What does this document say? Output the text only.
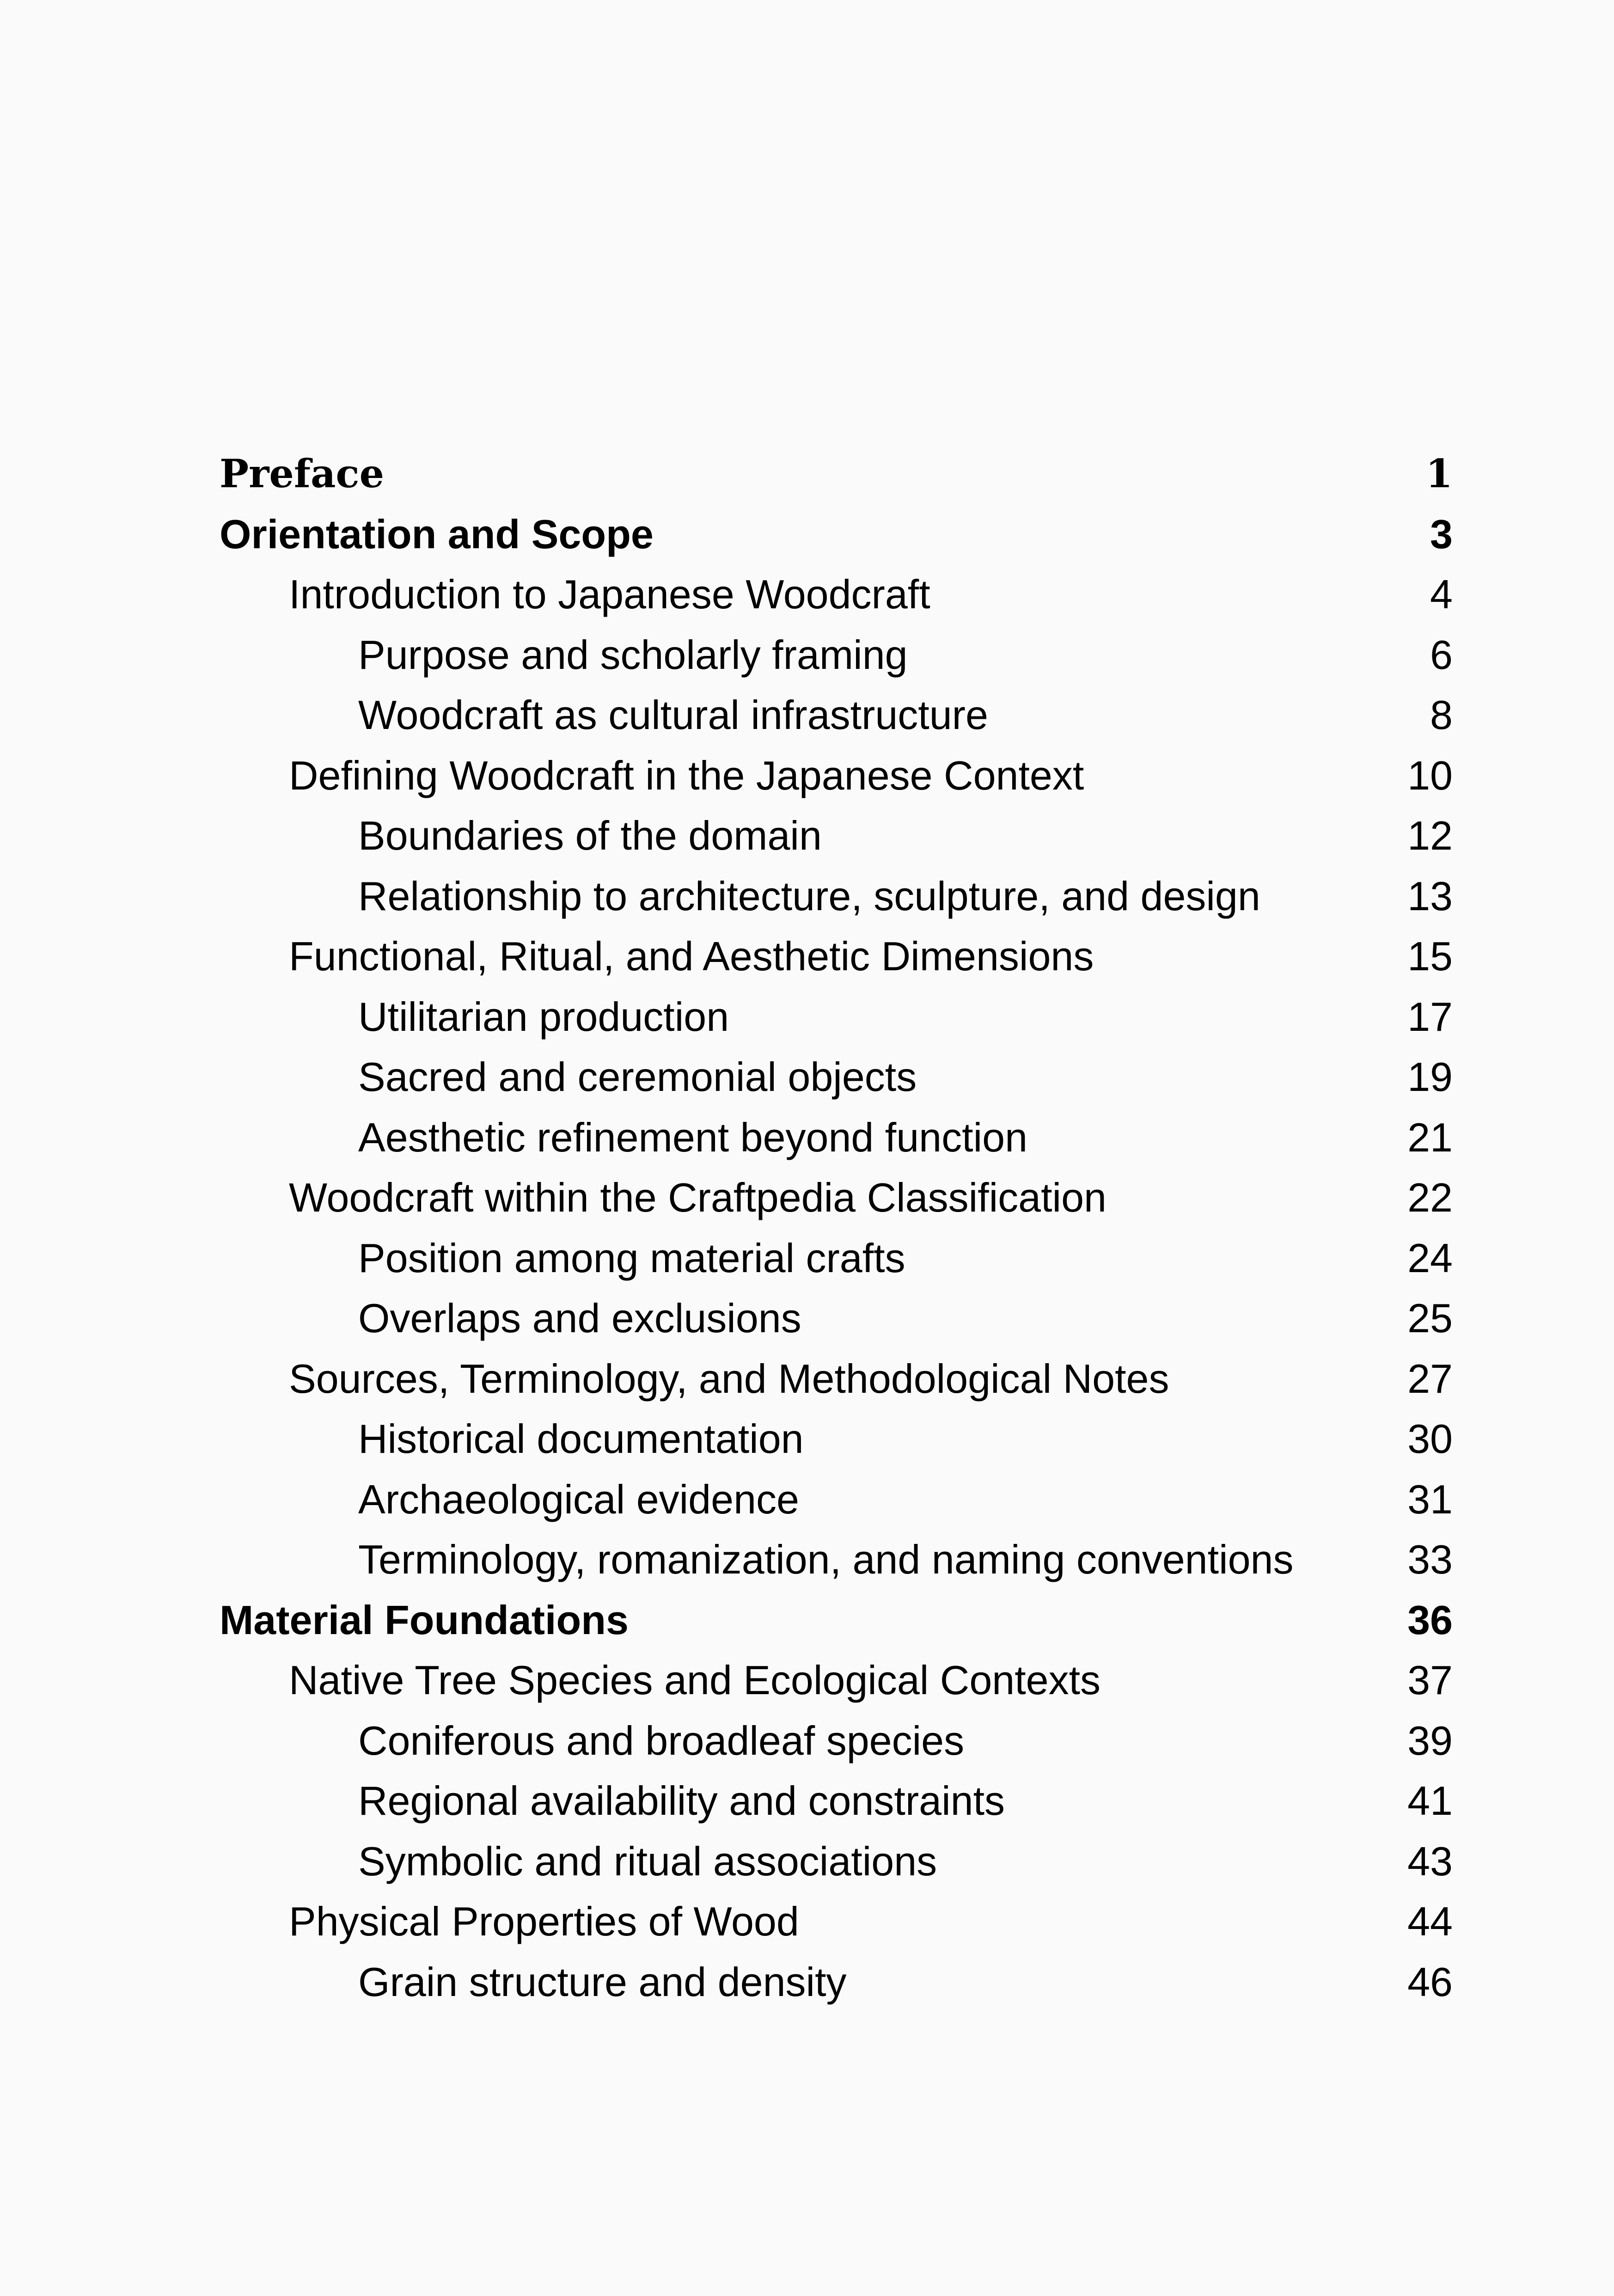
Preface	1
Orientation and Scope	3
Introduction to Japanese Woodcraft	4
Purpose and scholarly framing	6
Woodcraft as cultural infrastructure	8
Defining Woodcraft in the Japanese Context	10
Boundaries of the domain	12
Relationship to architecture, sculpture, and design	13
Functional, Ritual, and Aesthetic Dimensions	15
Utilitarian production	17
Sacred and ceremonial objects	19
Aesthetic refinement beyond function	21
Woodcraft within the Craftpedia Classification	22
Position among material crafts	24
Overlaps and exclusions	25
Sources, Terminology, and Methodological Notes	27
Historical documentation	30
Archaeological evidence	31
Terminology, romanization, and naming conventions	33
Material Foundations	36
Native Tree Species and Ecological Contexts	37
Coniferous and broadleaf species	39
Regional availability and constraints	41
Symbolic and ritual associations	43
Physical Properties of Wood	44
Grain structure and density	46
